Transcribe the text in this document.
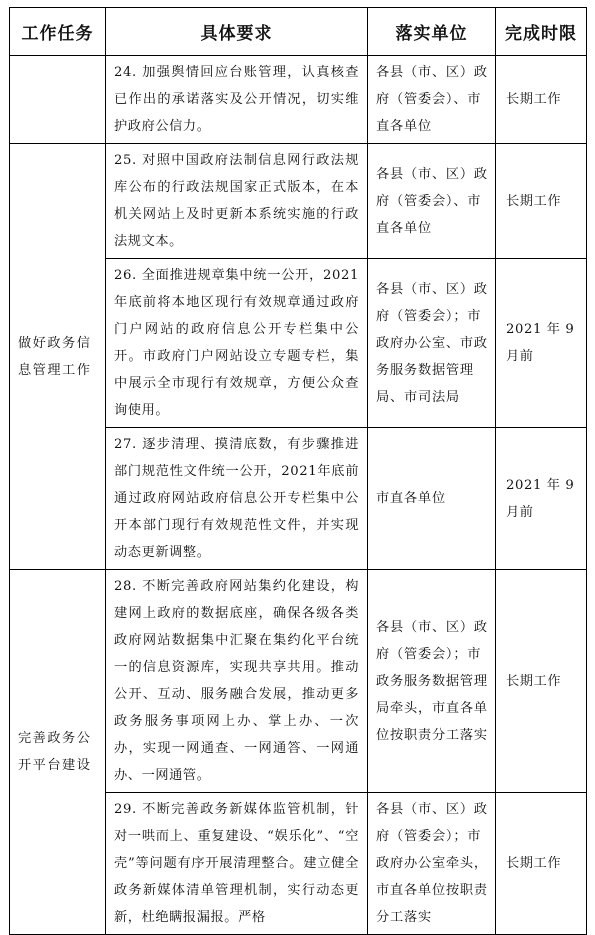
工作任务	具体要求	落实单位	完成时限
	24. 加强舆情回应台账管理，认真核查已作出的承诺落实及公开情况，切实维护政府公信力。	各县（市、区）政府（管委会）、市直各单位	长期工作
做好政务信息管理工作	25. 对照中国政府法制信息网行政法规库公布的行政法规国家正式版本，在本机关网站上及时更新本系统实施的行政法规文本。	各县（市、区）政府（管委会）、市直各单位	长期工作
	26. 全面推进规章集中统一公开，2021年底前将本地区现行有效规章通过政府门户网站的政府信息公开专栏集中公开。市政府门户网站设立专题专栏，集中展示全市现行有效规章，方便公众查询使用。	各县（市、区）政府（管委会）；市政府办公室、市政务服务数据管理局、市司法局	2021 年 9 月前
	27. 逐步清理、摸清底数，有步骤推进部门规范性文件统一公开，2021年底前通过政府网站政府信息公开专栏集中公开本部门现行有效规范性文件，并实现动态更新调整。	市直各单位	2021 年 9 月前
完善政务公开平台建设	28. 不断完善政府网站集约化建设，构建网上政府的数据底座，确保各级各类政府网站数据集中汇聚在集约化平台统一的信息资源库，实现共享共用。推动公开、互动、服务融合发展，推动更多政务服务事项网上办、掌上办、一次办，实现一网通查、一网通答、一网通办、一网通管。	各县（市、区）政府（管委会）；市政务服务数据管理局牵头，市直各单位按职责分工落实	长期工作
	29. 不断完善政务新媒体监管机制，针对一哄而上、重复建设、“娱乐化”、“空壳”等问题有序开展清理整合。建立健全政务新媒体清单管理机制，实行动态更新，杜绝瞒报漏报。严格	各县（市、区）政府（管委会）；市政府办公室牵头，市直各单位按职责分工落实	长期工作
